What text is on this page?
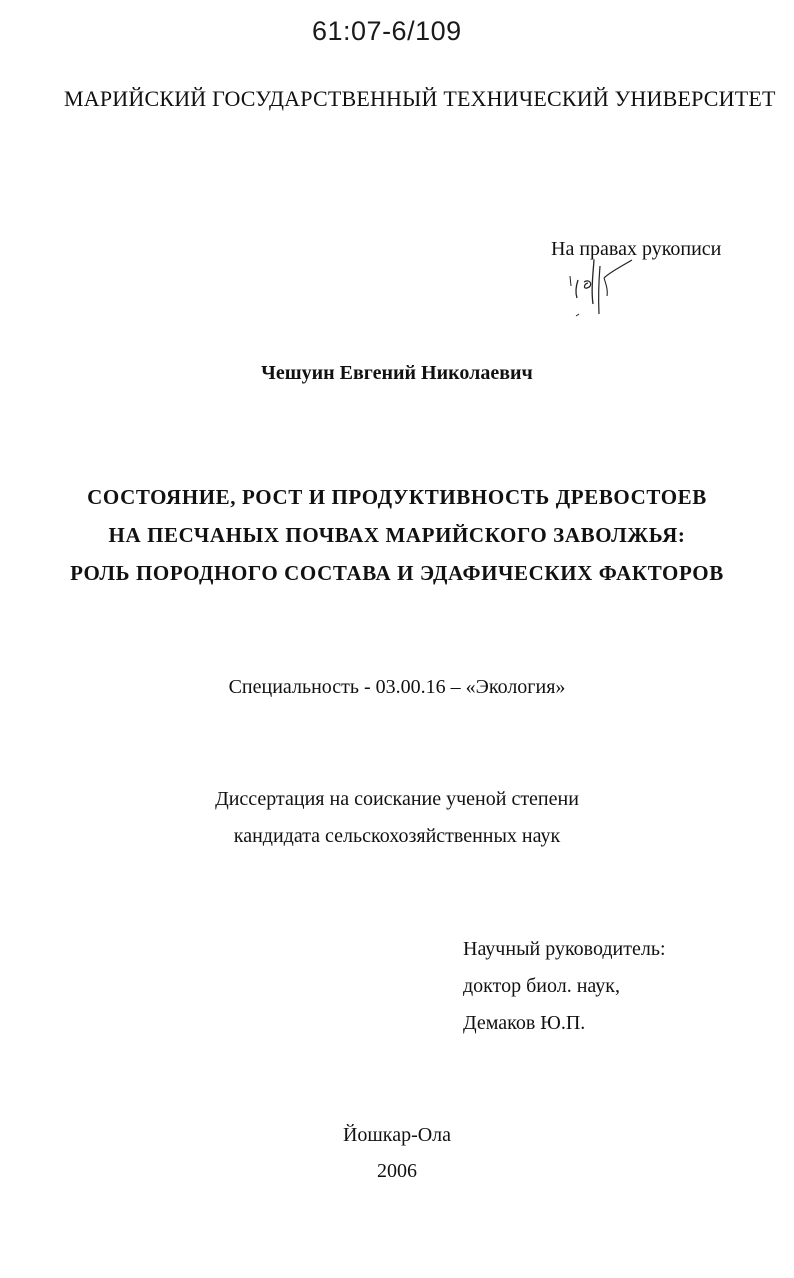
61:07-6/109
МАРИЙСКИЙ ГОСУДАРСТВЕННЫЙ ТЕХНИЧЕСКИЙ УНИВЕРСИТЕТ
На правах рукописи
Чешуин Евгений Николаевич
СОСТОЯНИЕ, РОСТ И ПРОДУКТИВНОСТЬ ДРЕВОСТОЕВ
НА ПЕСЧАНЫХ ПОЧВАХ МАРИЙСКОГО ЗАВОЛЖЬЯ:
РОЛЬ ПОРОДНОГО СОСТАВА И ЭДАФИЧЕСКИХ ФАКТОРОВ
Специальность - 03.00.16 – «Экология»
Диссертация на соискание ученой степени
кандидата сельскохозяйственных наук
Научный руководитель:
доктор биол. наук,
Демаков Ю.П.
Йошкар-Ола
2006
